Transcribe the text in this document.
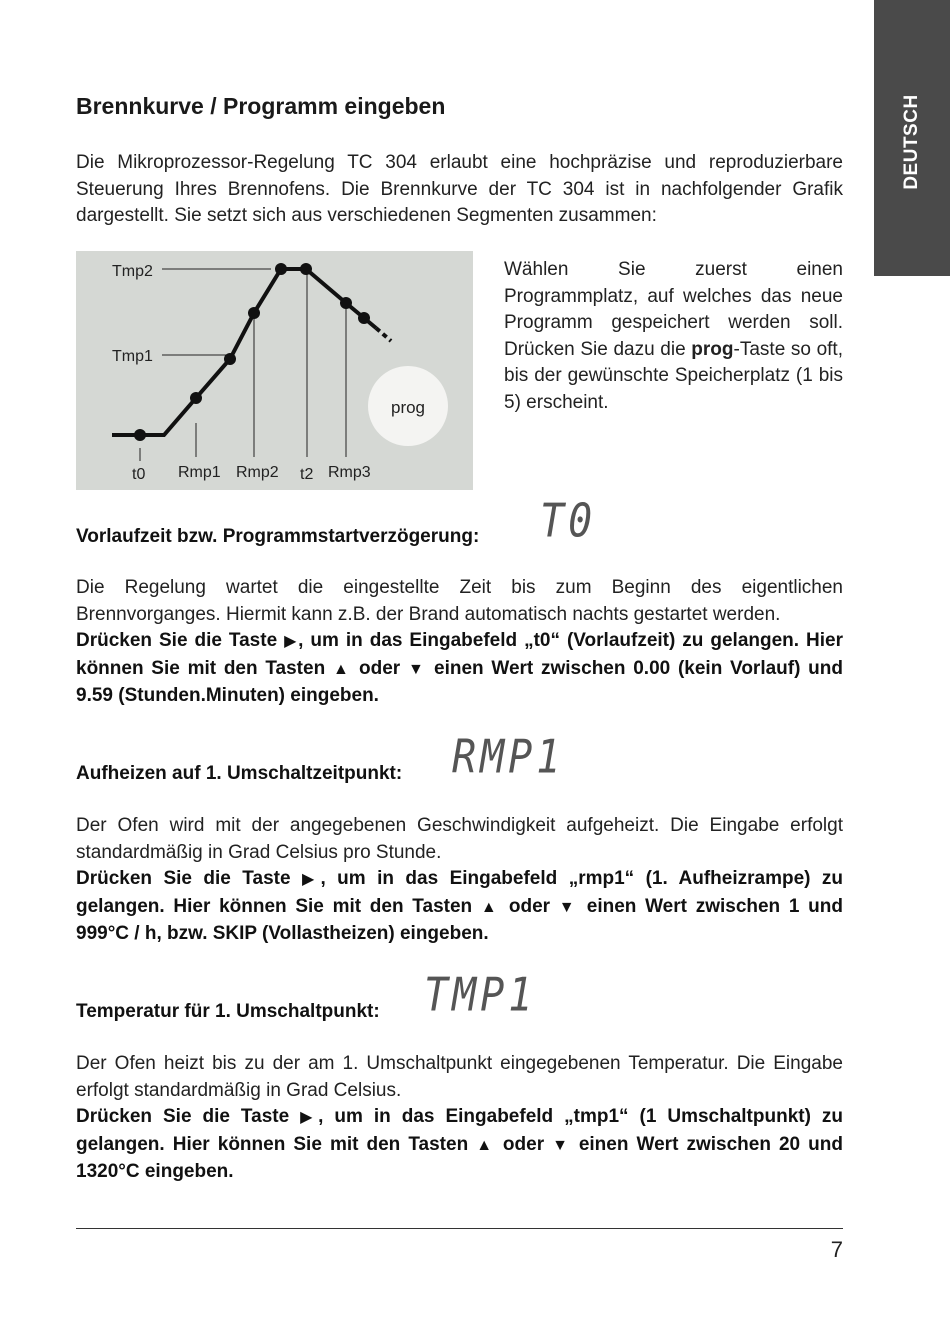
DEUTSCH
Brennkurve / Programm eingeben

Die Mikroprozessor-Regelung TC 304 erlaubt eine hochpräzise und reproduzierbare Steuerung Ihres Brennofens. Die Brennkurve der TC 304 ist in nachfolgender Grafik dargestellt. Sie setzt sich aus verschiedenen Segmenten zusammen:

Tmp2
Tmp1
t0 Rmp1 Rmp2 t2 Rmp3
prog

Wählen Sie zuerst einen Programmplatz, auf welches das neue Programm gespeichert werden soll. Drücken Sie dazu die prog-Taste so oft, bis der gewünschte Speicherplatz (1 bis 5) erscheint.

Vorlaufzeit bzw. Programmstartverzögerung: T0

Die Regelung wartet die eingestellte Zeit bis zum Beginn des eigentlichen Brennvorganges. Hiermit kann z.B. der Brand automatisch nachts gestartet werden.

Drücken Sie die Taste ▶, um in das Eingabefeld „t0“ (Vorlaufzeit) zu gelangen. Hier können Sie mit den Tasten ▲ oder ▼ einen Wert zwischen 0.00 (kein Vorlauf) und 9.59 (Stunden.Minuten) eingeben.

Aufheizen auf 1. Umschaltzeitpunkt: RMP1

Der Ofen wird mit der angegebenen Geschwindigkeit aufgeheizt. Die Eingabe erfolgt standardmäßig in Grad Celsius pro Stunde.

Drücken Sie die Taste ▶, um in das Eingabefeld „rmp1“ (1. Aufheizrampe) zu gelangen. Hier können Sie mit den Tasten ▲ oder ▼ einen Wert zwischen 1 und 999°C / h, bzw. SKIP (Vollastheizen) eingeben.

Temperatur für 1. Umschaltpunkt: TMP1

Der Ofen heizt bis zu der am 1. Umschaltpunkt eingegebenen Temperatur. Die Eingabe erfolgt standardmäßig in Grad Celsius.

Drücken Sie die Taste ▶, um in das Eingabefeld „tmp1“ (1 Umschaltpunkt) zu gelangen. Hier können Sie mit den Tasten ▲ oder ▼ einen Wert zwischen 20 und 1320°C eingeben.

7
